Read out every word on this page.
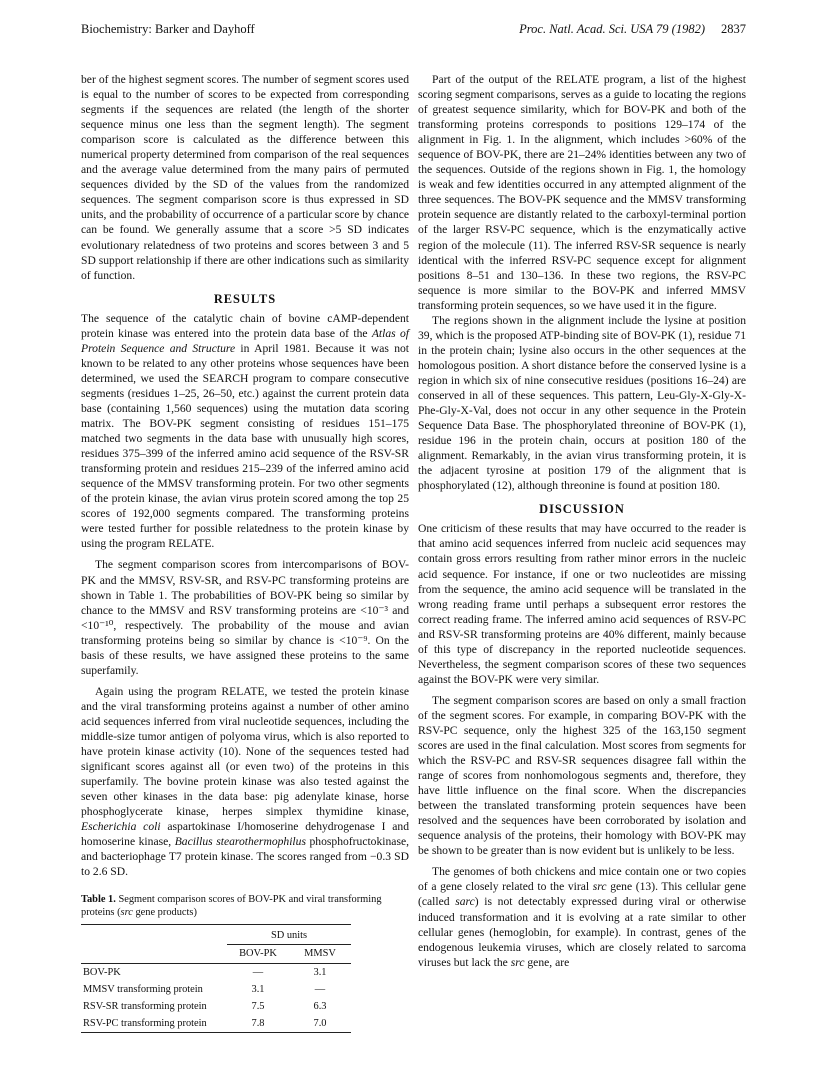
Biochemistry: Barker and Dayhoff	Proc. Natl. Acad. Sci. USA 79 (1982) 2837

ber of the highest segment scores. The number of segment scores used is equal to the number of scores to be expected from corresponding segments if the sequences are related (the length of the shorter sequence minus one less than the segment length). The segment comparison score is calculated as the difference between this numerical property determined from comparison of the real sequences and the average value determined from the many pairs of permuted sequences divided by the SD of the values from the randomized sequences. The segment comparison score is thus expressed in SD units, and the probability of occurrence of a particular score by chance can be found. We generally assume that a score >5 SD indicates evolutionary relatedness of two proteins and scores between 3 and 5 SD support relationship if there are other indications such as similarity of function.

RESULTS

The sequence of the catalytic chain of bovine cAMP-dependent protein kinase was entered into the protein data base of the Atlas of Protein Sequence and Structure in April 1981. Because it was not known to be related to any other proteins whose sequences have been determined, we used the SEARCH program to compare consecutive segments (residues 1–25, 26–50, etc.) against the current protein data base (containing 1,560 sequences) using the mutation data scoring matrix. The BOV-PK segment consisting of residues 151–175 matched two segments in the data base with unusually high scores, residues 375–399 of the inferred amino acid sequence of the RSV-SR transforming protein and residues 215–239 of the inferred amino acid sequence of the MMSV transforming protein. For two other segments of the protein kinase, the avian virus protein scored among the top 25 scores of 192,000 segments compared. The transforming proteins were tested further for possible relatedness to the protein kinase by using the program RELATE.

The segment comparison scores from intercomparisons of BOV-PK and the MMSV, RSV-SR, and RSV-PC transforming proteins are shown in Table 1. The probabilities of BOV-PK being so similar by chance to the MMSV and RSV transforming proteins are <10⁻³ and <10⁻¹⁰, respectively. The probability of the mouse and avian transforming proteins being so similar by chance is <10⁻⁹. On the basis of these results, we have assigned these proteins to the same superfamily.

Again using the program RELATE, we tested the protein kinase and the viral transforming proteins against a number of other amino acid sequences inferred from viral nucleotide sequences, including the middle-size tumor antigen of polyoma virus, which is also reported to have protein kinase activity (10). None of the sequences tested had significant scores against all (or even two) of the proteins in this superfamily. The bovine protein kinase was also tested against the seven other kinases in the data base: pig adenylate kinase, horse phosphoglycerate kinase, herpes simplex thymidine kinase, Escherichia coli aspartokinase I/homoserine dehydrogenase I and homoserine kinase, Bacillus stearothermophilus phosphofructokinase, and bacteriophage T7 protein kinase. The scores ranged from −0.3 SD to 2.6 SD.

Table 1. Segment comparison scores of BOV-PK and viral transforming proteins (src gene products)
	SD units	
	BOV-PK	MMSV
BOV-PK	—	3.1
MMSV transforming protein	3.1	—
RSV-SR transforming protein	7.5	6.3
RSV-PC transforming protein	7.8	7.0

Part of the output of the RELATE program, a list of the highest scoring segment comparisons, serves as a guide to locating the regions of greatest sequence similarity, which for BOV-PK and both of the transforming proteins corresponds to positions 129–174 of the alignment in Fig. 1. In the alignment, which includes >60% of the sequence of BOV-PK, there are 21–24% identities between any two of the sequences. Outside of the regions shown in Fig. 1, the homology is weak and few identities occurred in any attempted alignment of the three sequences. The BOV-PK sequence and the MMSV transforming protein sequence are distantly related to the carboxyl-terminal portion of the larger RSV-PC sequence, which is the enzymatically active region of the molecule (11). The inferred RSV-SR sequence is nearly identical with the inferred RSV-PC sequence except for alignment positions 8–51 and 130–136. In these two regions, the RSV-PC sequence is more similar to the BOV-PK and inferred MMSV transforming protein sequences, so we have used it in the figure.

The regions shown in the alignment include the lysine at position 39, which is the proposed ATP-binding site of BOV-PK (1), residue 71 in the protein chain; lysine also occurs in the other sequences at the homologous position. A short distance before the conserved lysine is a region in which six of nine consecutive residues (positions 16–24) are conserved in all of these sequences. This pattern, Leu-Gly-X-Gly-X-Phe-Gly-X-Val, does not occur in any other sequence in the Protein Sequence Data Base. The phosphorylated threonine of BOV-PK (1), residue 196 in the protein chain, occurs at position 180 of the alignment. Remarkably, in the avian virus transforming protein, it is the adjacent tyrosine at position 179 of the alignment that is phosphorylated (12), although threonine is found at position 180.

DISCUSSION

One criticism of these results that may have occurred to the reader is that amino acid sequences inferred from nucleic acid sequences may contain gross errors resulting from rather minor errors in the nucleic acid sequence. For instance, if one or two nucleotides are missing from the sequence, the amino acid sequence will be translated in the wrong reading frame until perhaps a subsequent error restores the correct reading frame. The inferred amino acid sequences of RSV-PC and RSV-SR transforming proteins are 40% different, mainly because of this type of discrepancy in the reported nucleotide sequences. Nevertheless, the segment comparison scores of these two sequences against the BOV-PK were very similar.

The segment comparison scores are based on only a small fraction of the segment scores. For example, in comparing BOV-PK with the RSV-PC sequence, only the highest 325 of the 163,150 segment scores are used in the final calculation. Most scores from segments for which the RSV-PC and RSV-SR sequences disagree fall within the range of scores from nonhomologous segments and, therefore, they have little influence on the final score. When the discrepancies between the translated transforming protein sequences have been resolved and the sequences have been corroborated by isolation and sequence analysis of the proteins, their homology with BOV-PK may be shown to be greater than is now evident but is unlikely to be less.

The genomes of both chickens and mice contain one or two copies of a gene closely related to the viral src gene (13). This cellular gene (called sarc) is not detectably expressed during viral or otherwise induced transformation and it is evolving at a rate similar to other cellular genes (hemoglobin, for example). In contrast, genes of the endogenous leukemia viruses, which are closely related to sarcoma viruses but lack the src gene, are
